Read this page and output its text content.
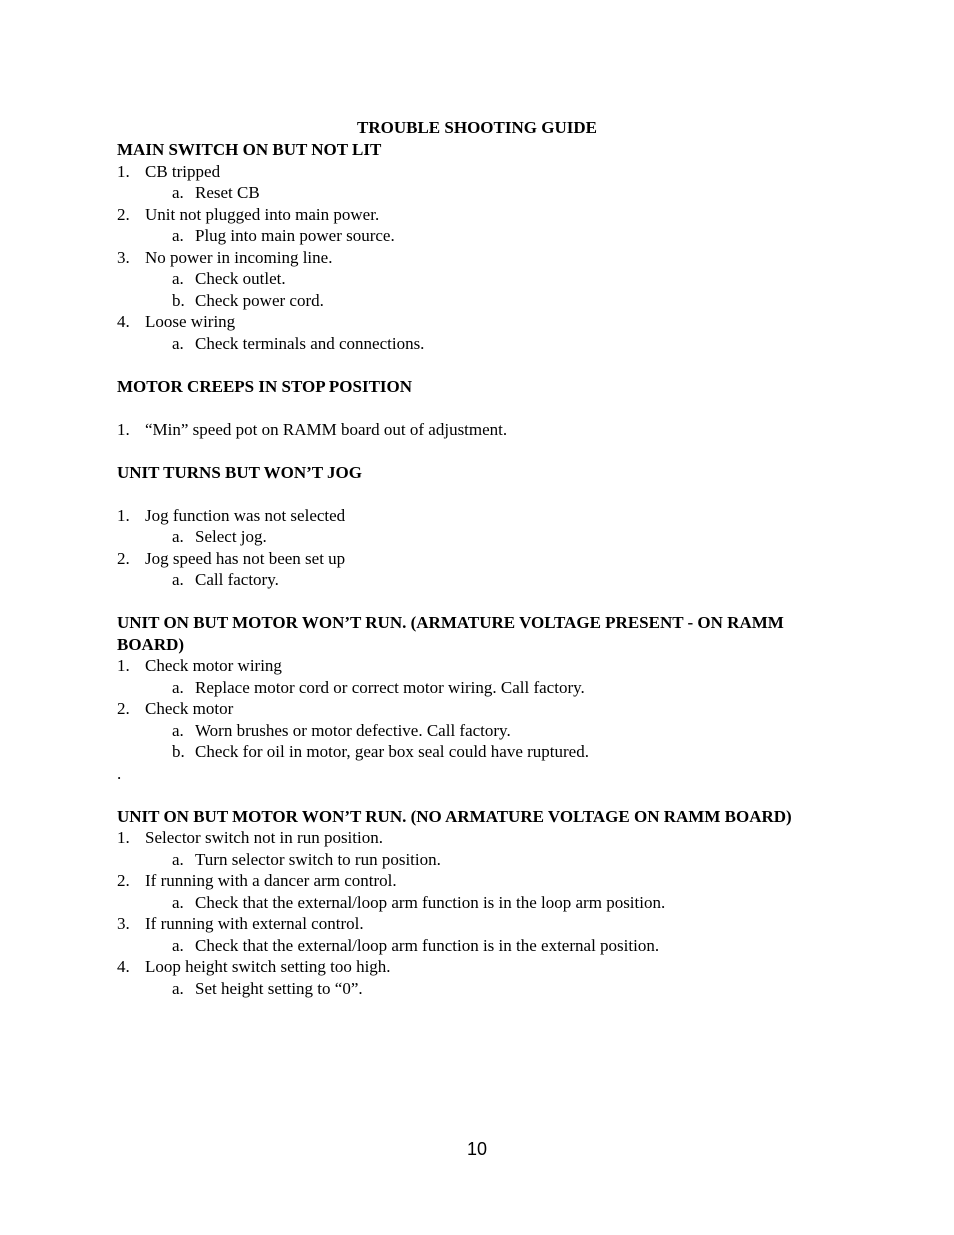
TROUBLE SHOOTING GUIDE
MAIN SWITCH ON BUT NOT LIT
1. CB tripped
a. Reset CB
2. Unit not plugged into main power.
a. Plug into main power source.
3. No power in incoming line.
a. Check outlet.
b. Check power cord.
4. Loose wiring
a. Check terminals and connections.
MOTOR CREEPS IN STOP POSITION
1. “Min” speed pot on RAMM board out of adjustment.
UNIT TURNS BUT WON’T JOG
1. Jog function was not selected
a. Select jog.
2. Jog speed has not been set up
a. Call factory.
UNIT ON BUT MOTOR WON’T RUN. (ARMATURE VOLTAGE PRESENT - ON RAMM BOARD)
1. Check motor wiring
a. Replace motor cord or correct motor wiring. Call factory.
2. Check motor
a. Worn brushes or motor defective. Call factory.
b. Check for oil in motor, gear box seal could have ruptured.
.
UNIT ON BUT MOTOR WON’T RUN. (NO ARMATURE VOLTAGE ON RAMM BOARD)
1. Selector switch not in run position.
a. Turn selector switch to run position.
2. If running with a dancer arm control.
a. Check that the external/loop arm function is in the loop arm position.
3. If running with external control.
a. Check that the external/loop arm function is in the external position.
4. Loop height switch setting too high.
a. Set height setting to “0”.
10
